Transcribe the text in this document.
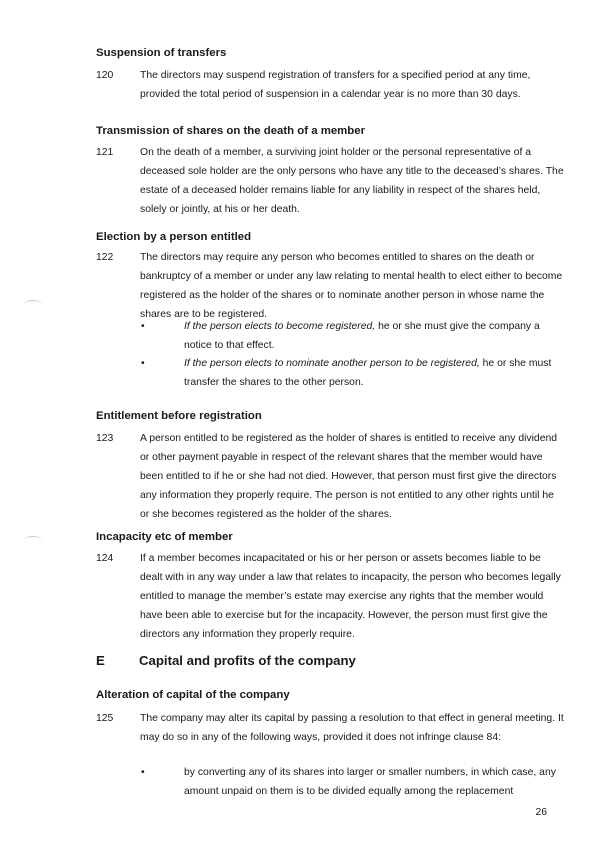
Suspension of transfers
120	The directors may suspend registration of transfers for a specified period at any time, provided the total period of suspension in a calendar year is no more than 30 days.
Transmission of shares on the death of a member
121	On the death of a member, a surviving joint holder or the personal representative of a deceased sole holder are the only persons who have any title to the deceased’s shares. The estate of a deceased holder remains liable for any liability in respect of the shares held, solely or jointly, at his or her death.
Election by a person entitled
122	The directors may require any person who becomes entitled to shares on the death or bankruptcy of a member or under any law relating to mental health to elect either to become registered as the holder of the shares or to nominate another person in whose name the shares are to be registered.
•	If the person elects to become registered, he or she must give the company a notice to that effect.
•	If the person elects to nominate another person to be registered, he or she must transfer the shares to the other person.
Entitlement before registration
123	A person entitled to be registered as the holder of shares is entitled to receive any dividend or other payment payable in respect of the relevant shares that the member would have been entitled to if he or she had not died. However, that person must first give the directors any information they properly require. The person is not entitled to any other rights until he or she becomes registered as the holder of the shares.
Incapacity etc of member
124	If a member becomes incapacitated or his or her person or assets becomes liable to be dealt with in any way under a law that relates to incapacity, the person who becomes legally entitled to manage the member’s estate may exercise any rights that the member would have been able to exercise but for the incapacity. However, the person must first give the directors any information they properly require.
E	Capital and profits of the company
Alteration of capital of the company
125	The company may alter its capital by passing a resolution to that effect in general meeting. It may do so in any of the following ways, provided it does not infringe clause 84:
•	by converting any of its shares into larger or smaller numbers, in which case, any amount unpaid on them is to be divided equally among the replacement
26
